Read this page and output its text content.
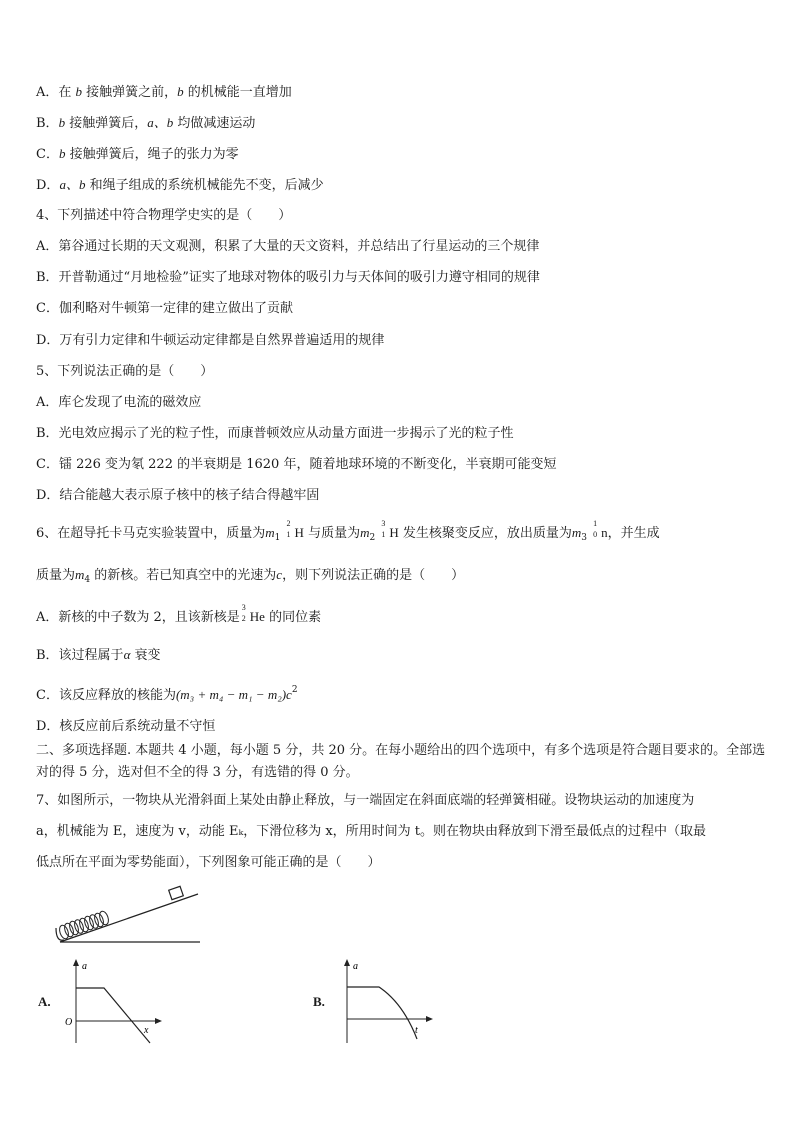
A．在 b 接触弹簧之前，b 的机械能一直增加
B．b 接触弹簧后，a、b 均做减速运动
C．b 接触弹簧后，绳子的张力为零
D．a、b 和绳子组成的系统机械能先不变，后减少
4、下列描述中符合物理学史实的是（　　）
A．第谷通过长期的天文观测，积累了大量的天文资料，并总结出了行星运动的三个规律
B．开普勒通过“月地检验”证实了地球对物体的吸引力与天体间的吸引力遵守相同的规律
C．伽利略对牛顿第一定律的建立做出了贡献
D．万有引力定律和牛顿运动定律都是自然界普遍适用的规律
5、下列说法正确的是（　　）
A．库仑发现了电流的磁效应
B．光电效应揭示了光的粒子性，而康普顿效应从动量方面进一步揭示了光的粒子性
C．镭 226 变为氡 222 的半衰期是 1620 年，随着地球环境的不断变化，半衰期可能变短
D．结合能越大表示原子核中的核子结合得越牢固
6、在超导托卡马克实验装置中，质量为$m_1$
2
1 H 与质量为$m_2$
3
1 H 发生核聚变反应，放出质量为$m_3$
1
0 n，并生成
质量为$m_4$ 的新核。若已知真空中的光速为c，则下列说法正确的是（　　）
A．新核的中子数为 2，且该新核是
3
2 He 的同位素
B．该过程属于α 衰变
C．该反应释放的核能为$(m_3 + m_4 - m_1 - m_2)c^2$
D．核反应前后系统动量不守恒
二、多项选择题. 本题共 4 小题，每小题 5 分，共 20 分。在每小题给出的四个选项中，有多个选项是符合题目要求的。全部选对的得 5 分，选对但不全的得 3 分，有选错的得 0 分。
7、如图所示，一物块从光滑斜面上某处由静止释放，与一端固定在斜面底端的轻弹簧相碰。设物块运动的加速度为
a，机械能为 E，速度为 v，动能 Eₖ，下滑位移为 x，所用时间为 t。则在物块由释放到下滑至最低点的过程中（取最
低点所在平面为零势能面），下列图象可能正确的是（　　）
A.
a
x
O
B.
a
t
